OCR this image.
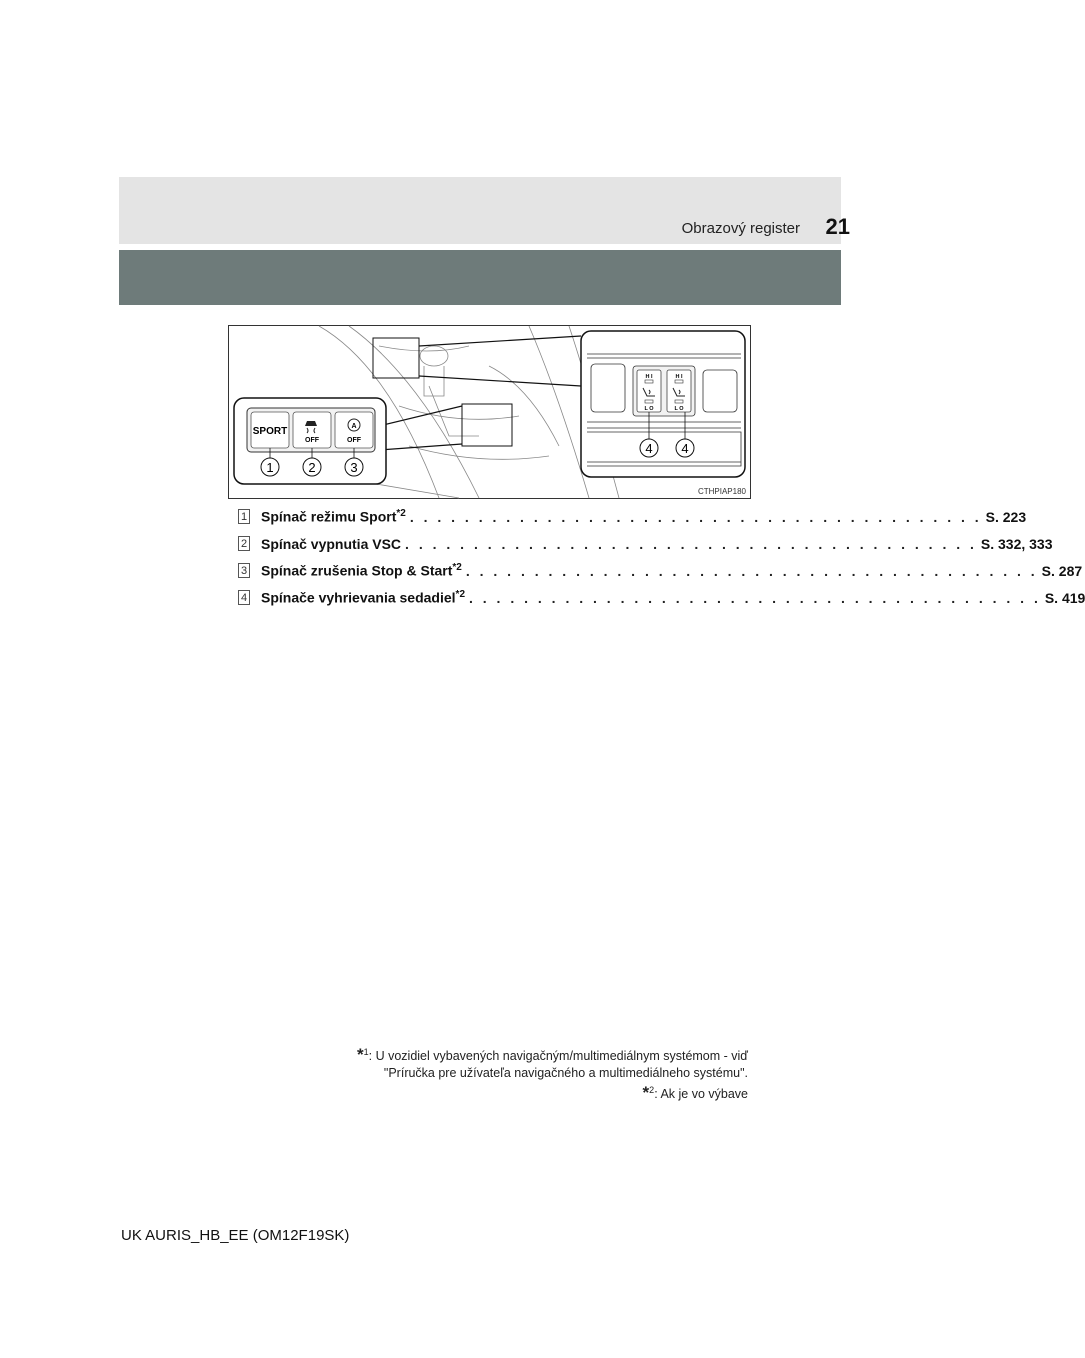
Obrazový register 21
SPORT
OFF
A
OFF
1	2	3
H I
L O
H I
L O
4 4
CTHPIAP180
1 Spínač režimu Sport$^{*2}$ . . . . . . . . . . . . . . . . . . . . . . . . . . . . . . . . . . . . . . . . . . S. 223
2 Spínač vypnutia VSC . . . . . . . . . . . . . . . . . . . . . . . . . . . . . . . . . . . . . . . . . . S. 332, 333
3 Spínač zrušenia Stop & Start$^{*2}$ . . . . . . . . . . . . . . . . . . . . . . . . . . . . . . . . . . . . . . . . . . S. 287
4 Spínače vyhrievania sedadiel$^{*2}$ . . . . . . . . . . . . . . . . . . . . . . . . . . . . . . . . . . . . . . . . . . S. 419
*$^1$: U vozidiel vybavených navigačným/multimediálnym systémom - viď
"Príručka pre užívateľa navigačného a multimediálneho systému".
*$^2$: Ak je vo výbave
UK AURIS_HB_EE (OM12F19SK)
